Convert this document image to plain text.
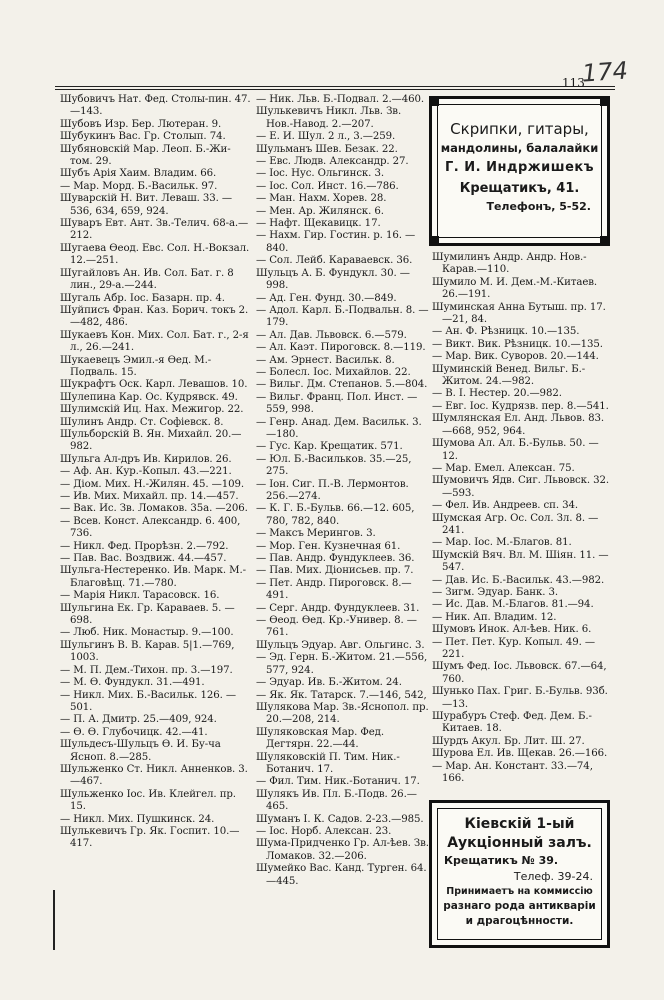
113
174
Шубовичъ Нат. Фед. Столы-пин. 47.—143.
Шубовъ Изр. Бер. Лютеран. 9.
Шубукинъ Вас. Гр. Столып. 74.
Шубяновскій Мар. Леоп. Б.-Жи-том. 29.
Шубъ Арія Хаим. Владим. 66.
— Мар. Морд. Б.-Васильк. 97.
Шуварскій Н. Вит. Леваш. 33. —536, 634, 659, 924.
Шуваръ Евт. Ант. Зв.-Телич. 68-а.—212.
Шугаева Ѳеод. Евс. Сол. Н.-Вокзал. 12.—251.
Шугайловъ Ан. Ив. Сол. Бат. г. 8 лин., 29-а.—244.
Шугаль Абр. Іос. Базарн. пр. 4.
Шуйписъ Фран. Каз. Борич. токъ 2.—482, 486.
Шукаевъ Кон. Мих. Сол. Бат. г., 2-я л., 26.—241.
Шукаевецъ Эмил.-я Ѳед. М.-Подваль. 15.
Шукрафтъ Оск. Карл. Левашов. 10.
Шулепина Кар. Ос. Кудрявск. 49.
Шулимскій Иц. Нах. Межигор. 22.
Шулинъ Андр. Ст. Софіевск. 8.
Шульборскій В. Ян. Михайл. 20.—982.
Шульга Ал-дръ Ив. Кирилов. 26.
— Аф. Ан. Кур.-Копыл. 43.—221.
— Діом. Мих. Н.-Жилян. 45. —109.
— Ив. Мих. Михайл. пр. 14.—457.
— Вак. Ис. Зв. Ломаков. 35а. —206.
— Всев. Конст. Александр. 6. 400, 736.
— Никл. Фед. Прорѣзн. 2.—792.
— Пав. Вас. Воздвиж. 44.—457.
Шульга-Нестеренко. Ив. Марк. М.-Благовѣщ. 71.—780.
— Марія Никл. Тарасовск. 16.
Шульгина Ек. Гр. Караваев. 5. —698.
— Люб. Ник. Монастыр. 9.—100.
Шульгинъ В. В. Карав. 5|1.—769, 1003.
— М. П. Дем.-Тихон. пр. 3.—197.
— М. Ѳ. Фундукл. 31.—491.
— Никл. Мих. Б.-Васильк. 126. —501.
— П. А. Дмитр. 25.—409, 924.
— Ѳ. Ѳ. Глубочицк. 42.—41.
Шульдесъ-Шульцъ Ѳ. И. Бу-ча Ясноп. 8.—285.
Шульженко Ст. Никл. Анненков. 3.—467.
Шульженко Іос. Ив. Клейгел. пр. 15.
— Никл. Мих. Пушкинск. 24.
Шулькевичъ Гр. Як. Госпит. 10.—417.
— Ник. Льв. Б.-Подвал. 2.—460.
Шулькевичъ Никл. Льв. Зв. Нов.-Навод. 2.—207.
— Е. И. Шул. 2 л., 3.—259.
Шульманъ Шев. Безак. 22.
— Евс. Людв. Александр. 27.
— Іос. Нус. Ольгинск. 3.
— Іос. Сол. Инст. 16.—786.
— Ман. Нахм. Хорев. 28.
— Мен. Ар. Жилянск. 6.
— Нафт. Щекавицк. 17.
— Нахм. Гир. Гостин. р. 16. —840.
— Сол. Лейб. Караваевск. 36.
Шульцъ А. Б. Фундукл. 30. —998.
— Ад. Ген. Фунд. 30.—849.
— Адол. Карл. Б.-Подвальн. 8. —179.
— Ал. Дав. Львовск. 6.—579.
— Ал. Каэт. Пироговск. 8.—119.
— Ам. Эрнест. Васильк. 8.
— Болесл. Іос. Михайлов. 22.
— Вильг. Дм. Степанов. 5.—804.
— Вильг. Франц. Пол. Инст. —559, 998.
— Генр. Анад. Дем. Васильк. 3.—180.
— Гус. Кар. Крещатик. 571.
— Юл. Б.-Васильков. 35.—25, 275.
— Іон. Сиг. П.-В. Лермонтов. 256.—274.
— К. Г. Б.-Бульв. 66.—12. 605, 780, 782, 840.
— Максъ Мерингов. 3.
— Мор. Ген. Кузнечная 61.
— Пав. Андр. Фундуклеев. 36.
— Пав. Мих. Діонисьев. пр. 7.
— Пет. Андр. Пироговск. 8.—491.
— Серг. Андр. Фундуклеев. 31.
— Ѳеод. Ѳед. Кр.-Универ. 8. —761.
Шульцъ Эдуар. Авг. Ольгинс. 3.
— Эд. Герн. Б.-Житом. 21.—556, 577, 924.
— Эдуар. Ив. Б.-Житом. 24.
— Як. Як. Татарск. 7.—146, 542,
Шулякова Мар. Зв.-Яснопол. пр. 20.—208, 214.
Шуляковская Мар. Фед. Дегтярн. 22.—44.
Шуляковскій П. Тим. Ник.-Ботанич. 17.
— Фил. Тим. Ник.-Ботанич. 17.
Шулякъ Ив. Пл. Б.-Подв. 26.—465.
Шуманъ І. К. Садов. 2-23.—985.
— Іос. Норб. Алексан. 23.
Шума-Придченко Гр. Ал-ѣев. Зв. Ломаков. 32.—206.
Шумейко Вас. Канд. Турген. 64.—445.
Скрипки, гитары,
мандолины, балалайки
Г. И. Индржишекъ
Крещатикъ, 41.
Телефонъ, 5-52.
Шумилинъ Андр. Андр. Нов.-Карав.—110.
Шумило М. И. Дем.-М.-Китаев. 26.—191.
Шуминская Анна Бутыш. пр. 17.—21, 84.
— Ан. Ф. Рѣзницк. 10.—135.
— Викт. Вик. Рѣзницк. 10.—135.
— Мар. Вик. Суворов. 20.—144.
Шуминскій Венед. Вильг. Б.-Житом. 24.—982.
— В. І. Нестер. 20.—982.
— Евг. Іос. Кудрязв. пер. 8.—541.
Шумлянская Ел. Анд. Львов. 83.—668, 952, 964.
Шумова Ал. Ал. Б.-Бульв. 50. —12.
— Мар. Емел. Алексан. 75.
Шумовичъ Ядв. Сиг. Львовск. 32.—593.
— Фел. Ив. Андреев. сп. 34.
Шумская Агр. Ос. Сол. Зл. 8. —241.
— Мар. Іос. М.-Благов. 81.
Шумскій Вяч. Вл. М. Шіян. 11. —547.
— Дав. Ис. Б.-Васильк. 43.—982.
— Зигм. Эдуар. Банк. 3.
— Ис. Дав. М.-Благов. 81.—94.
— Ник. Ап. Владим. 12.
Шумовъ Инок. Ал-ѣев. Ник. 6.
— Пет. Пет. Кур. Копыл. 49. —221.
Шумъ Фед. Іос. Львовск. 67.—64, 760.
Шунько Пах. Григ. Б.-Бульв. 93б.—13.
Шурабуръ Стеф. Фед. Дем. Б.-Китаев. 18.
Шурдъ Акул. Бр. Лит. Ш. 27.
Шурова Ел. Ив. Щекав. 26.—166.
— Мар. Ан. Констант. 33.—74, 166.
Кіевскій 1-ый
Аукціонный залъ.
Крещатикъ № 39.
Телеф. 39-24.
Принимаетъ на коммиссію
разнаго рода антикваріи
и драгоцѣнности.
